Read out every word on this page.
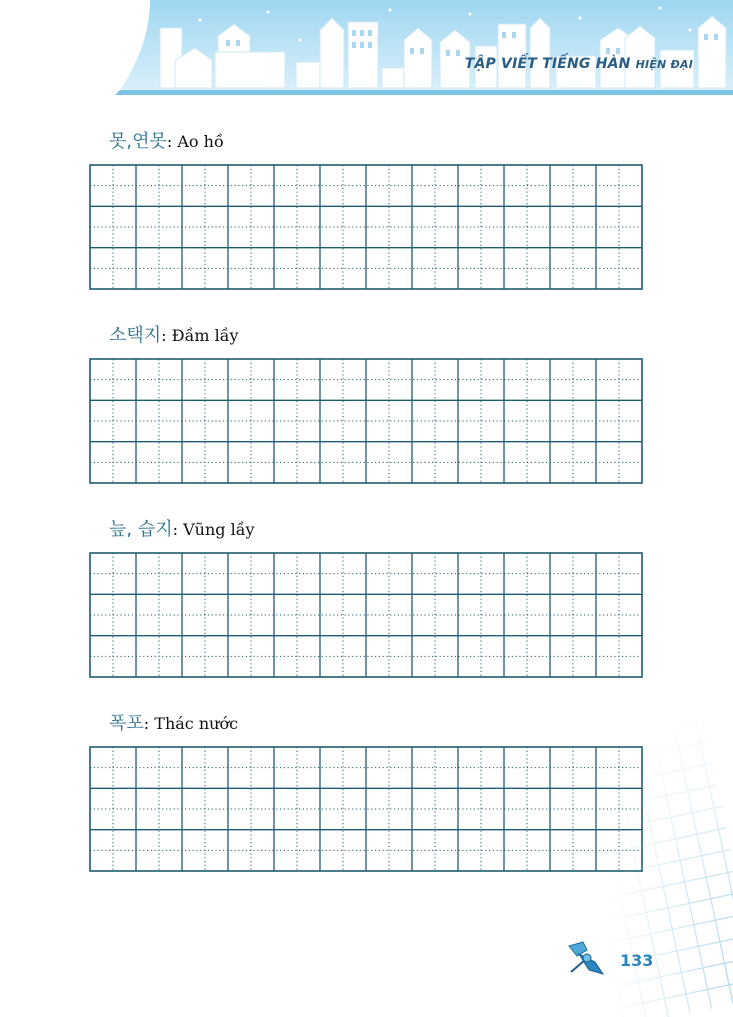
TẬP VIẾT TIẾNG HÀN HIỆN ĐẠI
못,연못: Ao hồ
소택지: Đầm lầy
늪, 습지: Vũng lầy
폭포: Thác nước
133
